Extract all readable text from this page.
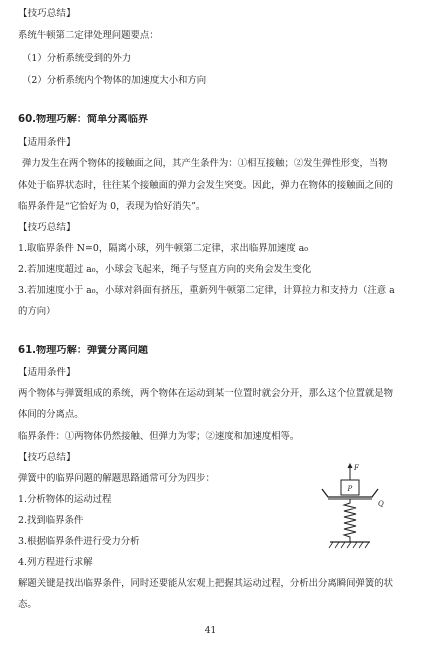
【技巧总结】
系统牛顿第二定律处理问题要点：
（1）分析系统受到的外力
（2）分析系统内个物体的加速度大小和方向
60.物理巧解：简单分离临界
【适用条件】
弹力发生在两个物体的接触面之间，其产生条件为：①相互接触；②发生弹性形变，当物
体处于临界状态时，往往某个接触面的弹力会发生突变。因此，弹力在物体的接触面之间的
临界条件是“它恰好为 0，表现为恰好消失”。
【技巧总结】
1.取临界条件 N=0，隔离小球，列牛顿第二定律，求出临界加速度 a₀
2.若加速度超过 a₀，小球会飞起来，绳子与竖直方向的夹角会发生变化
3.若加速度小于 a₀，小球对斜面有挤压，重新列牛顿第二定律，计算拉力和支持力（注意 a
的方向）
61.物理巧解：弹簧分离问题
【适用条件】
两个物体与弹簧组成的系统，两个物体在运动到某一位置时就会分开，那么这个位置就是物
体间的分离点。
临界条件：①两物体仍然接触、但弹力为零；②速度和加速度相等。
【技巧总结】
弹簧中的临界问题的解题思路通常可分为四步：
1.分析物体的运动过程
2.找到临界条件
3.根据临界条件进行受力分析
4.列方程进行求解
解题关键是找出临界条件，同时还要能从宏观上把握其运动过程，分析出分离瞬间弹簧的状
态。
F
P
Q
41
